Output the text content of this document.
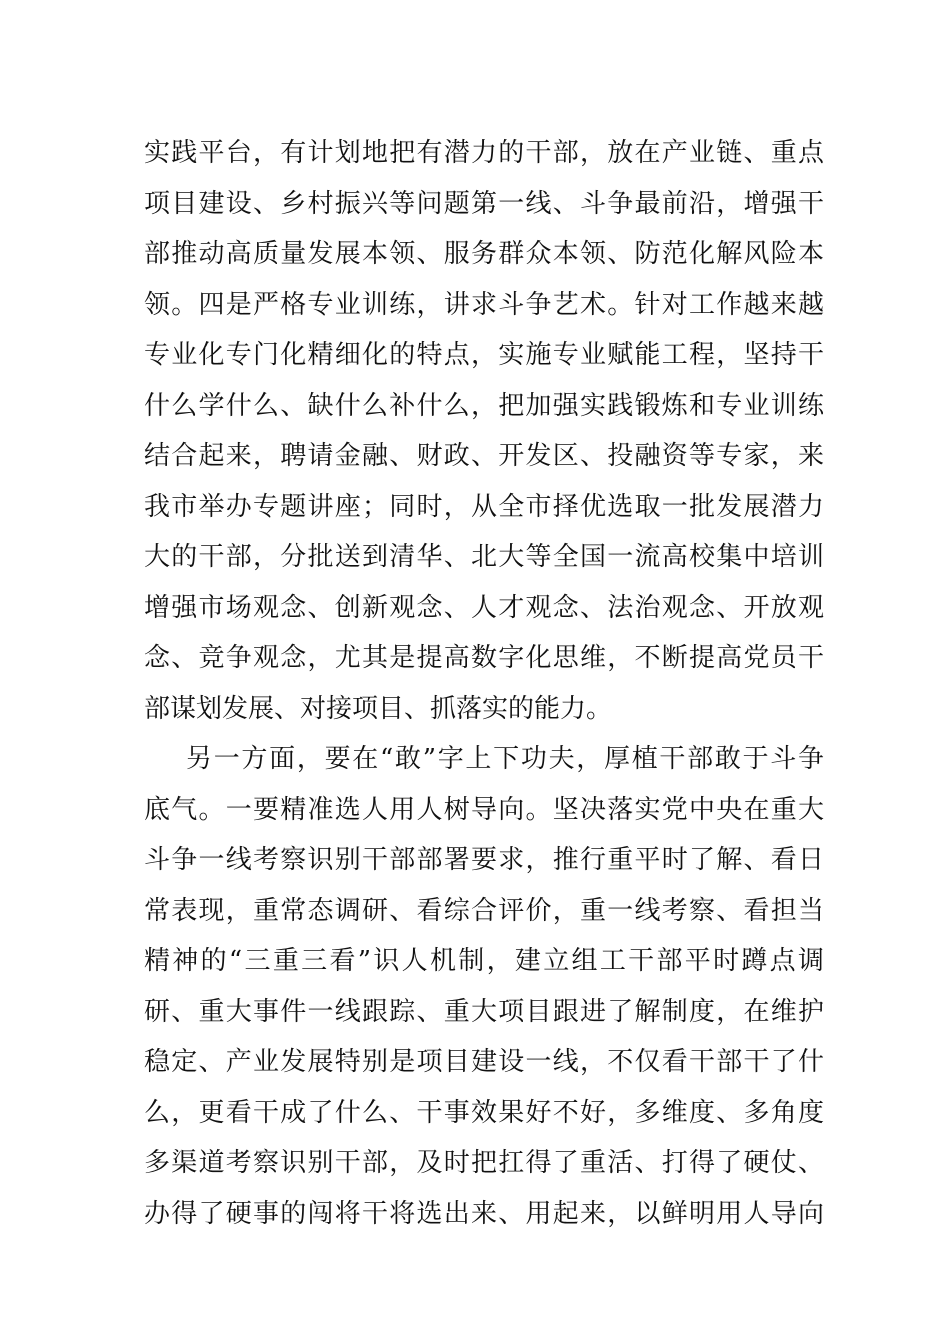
实践平台，有计划地把有潜力的干部，放在产业链、重点
项目建设、乡村振兴等问题第一线、斗争最前沿，增强干
部推动高质量发展本领、服务群众本领、防范化解风险本
领。四是严格专业训练，讲求斗争艺术。针对工作越来越
专业化专门化精细化的特点，实施专业赋能工程，坚持干
什么学什么、缺什么补什么，把加强实践锻炼和专业训练
结合起来，聘请金融、财政、开发区、投融资等专家，来
我市举办专题讲座；同时，从全市择优选取一批发展潜力
大的干部，分批送到清华、北大等全国一流高校集中培训
增强市场观念、创新观念、人才观念、法治观念、开放观
念、竞争观念，尤其是提高数字化思维，不断提高党员干
部谋划发展、对接项目、抓落实的能力。
另一方面，要在“敢”字上下功夫，厚植干部敢于斗争
底气。一要精准选人用人树导向。坚决落实党中央在重大
斗争一线考察识别干部部署要求，推行重平时了解、看日
常表现，重常态调研、看综合评价，重一线考察、看担当
精神的“三重三看”识人机制，建立组工干部平时蹲点调
研、重大事件一线跟踪、重大项目跟进了解制度，在维护
稳定、产业发展特别是项目建设一线，不仅看干部干了什
么，更看干成了什么、干事效果好不好，多维度、多角度
多渠道考察识别干部，及时把扛得了重活、打得了硬仗、
办得了硬事的闯将干将选出来、用起来，以鲜明用人导向
